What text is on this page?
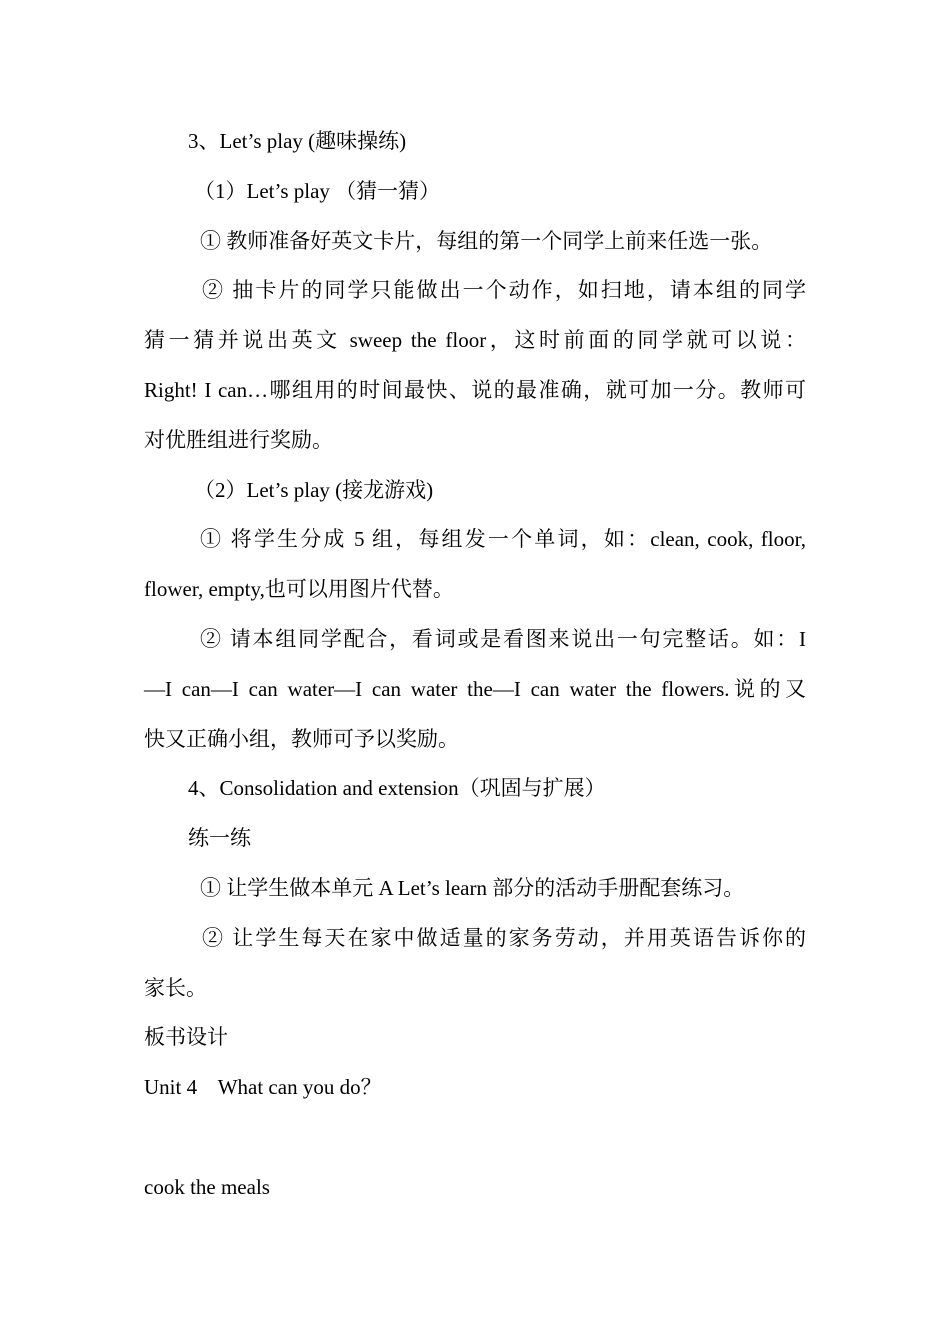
3、Let’s play (趣味操练)

（1）Let’s play （猜一猜）

① 教师准备好英文卡片，每组的第一个同学上前来任选一张。

② 抽卡片的同学只能做出一个动作，如扫地，请本组的同学

猜一猜并说出英文 sweep the floor，这时前面的同学就可以说：

Right! I can…哪组用的时间最快、说的最准确，就可加一分。教师可

对优胜组进行奖励。

（2）Let’s play (接龙游戏)

① 将学生分成 5 组，每组发一个单词，如：clean, cook, floor,

flower, empty,也可以用图片代替。

② 请本组同学配合，看词或是看图来说出一句完整话。如：I

—I can—I can water—I can water the—I can water the flowers.说的又

快又正确小组，教师可予以奖励。

4、Consolidation and extension（巩固与扩展）

练一练

① 让学生做本单元 A Let’s learn 部分的活动手册配套练习。

② 让学生每天在家中做适量的家务劳动，并用英语告诉你的

家长。

板书设计

Unit 4    What can you do？

cook the meals
